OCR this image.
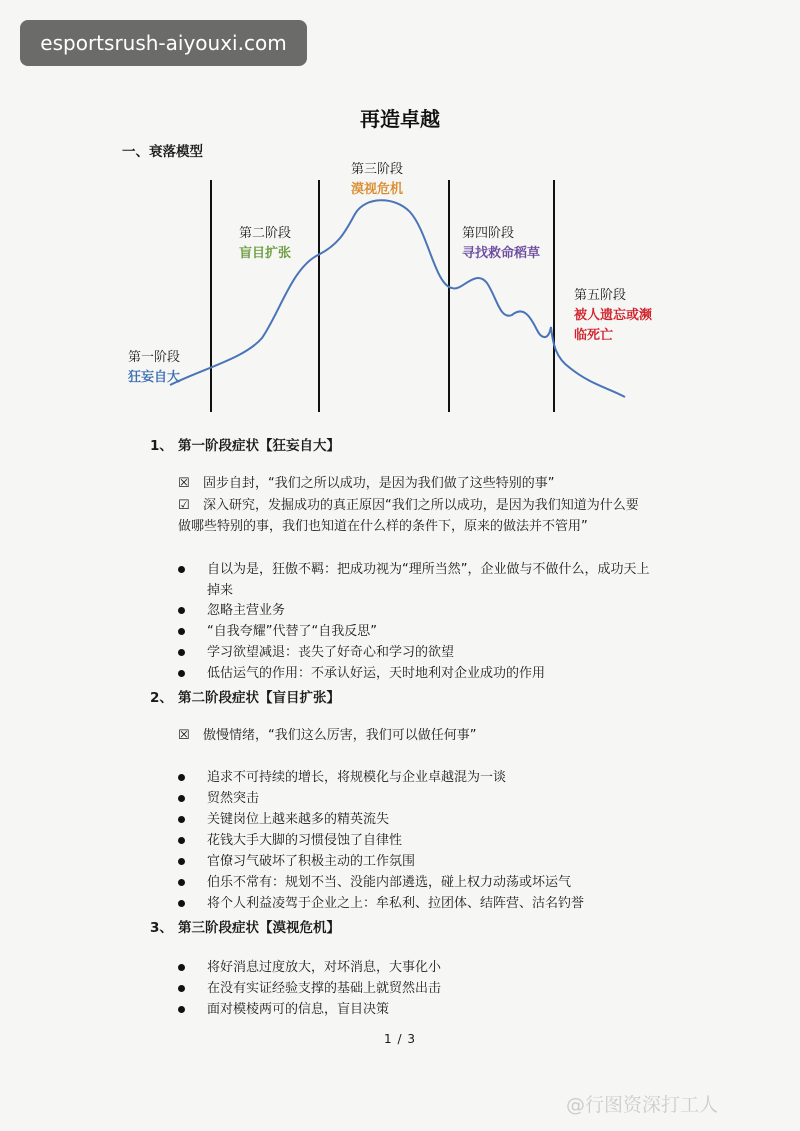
esportsrush-aiyouxi.com
再造卓越
一、衰落模型
第一阶段
狂妄自大
第二阶段
盲目扩张
第三阶段
漠视危机
第四阶段
寻找救命稻草
第五阶段
被人遗忘或濒
临死亡
1、 第一阶段症状【狂妄自大】
☒ 固步自封，“我们之所以成功，是因为我们做了这些特别的事”
☑ 深入研究，发掘成功的真正原因“我们之所以成功，是因为我们知道为什么要
做哪些特别的事，我们也知道在什么样的条件下，原来的做法并不管用”
自以为是，狂傲不羁：把成功视为“理所当然”，企业做与不做什么，成功天上
掉来
忽略主营业务
“自我夸耀”代替了“自我反思”
学习欲望减退：丧失了好奇心和学习的欲望
低估运气的作用：不承认好运，天时地利对企业成功的作用
2、 第二阶段症状【盲目扩张】
☒ 傲慢情绪，“我们这么厉害，我们可以做任何事”
追求不可持续的增长，将规模化与企业卓越混为一谈
贸然突击
关键岗位上越来越多的精英流失
花钱大手大脚的习惯侵蚀了自律性
官僚习气破坏了积极主动的工作氛围
伯乐不常有：规划不当、没能内部遴选，碰上权力动荡或坏运气
将个人利益凌驾于企业之上：牟私利、拉团体、结阵营、沽名钓誉
3、 第三阶段症状【漠视危机】
将好消息过度放大，对坏消息，大事化小
在没有实证经验支撑的基础上就贸然出击
面对模棱两可的信息，盲目决策
1 / 3
@行图资深打工人
